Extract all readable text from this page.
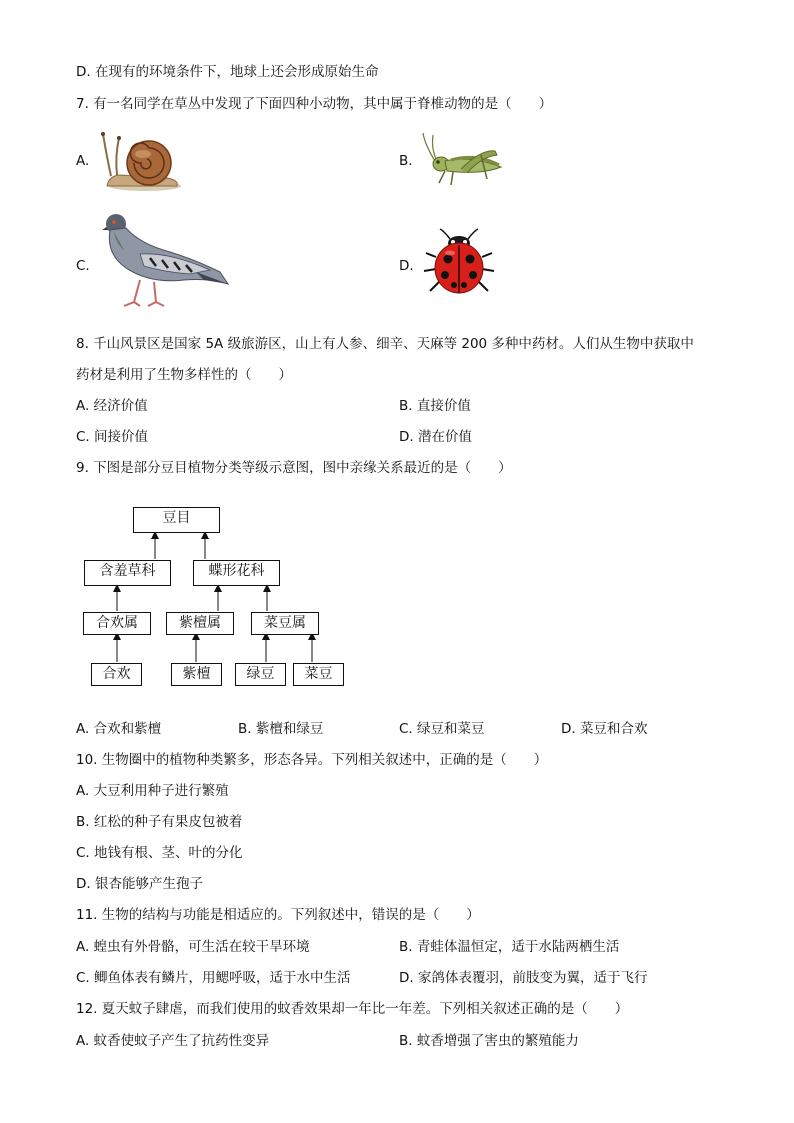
D. 在现有的环境条件下，地球上还会形成原始生命
7. 有一名同学在草丛中发现了下面四种小动物，其中属于脊椎动物的是（　　）
A.	B.
C.	D.
8. 千山风景区是国家 5A 级旅游区，山上有人参、细辛、天麻等 200 多种中药材。人们从生物中获取中
药材是利用了生物多样性的（　　）
A. 经济价值	B. 直接价值
C. 间接价值	D. 潜在价值
9. 下图是部分豆目植物分类等级示意图，图中亲缘关系最近的是（　　）
豆目
含羞草科	蝶形花科
合欢属	紫檀属	菜豆属
合欢	紫檀	绿豆	菜豆
A. 合欢和紫檀	B. 紫檀和绿豆	C. 绿豆和菜豆	D. 菜豆和合欢
10. 生物圈中的植物种类繁多，形态各异。下列相关叙述中，正确的是（　　）
A. 大豆利用种子进行繁殖
B. 红松的种子有果皮包被着
C. 地钱有根、茎、叶的分化
D. 银杏能够产生孢子
11. 生物的结构与功能是相适应的。下列叙述中，错误的是（　　）
A. 蝗虫有外骨骼，可生活在较干旱环境	B. 青蛙体温恒定，适于水陆两栖生活
C. 鲫鱼体表有鳞片，用鳃呼吸，适于水中生活	D. 家鸽体表覆羽，前肢变为翼，适于飞行
12. 夏天蚊子肆虐，而我们使用的蚊香效果却一年比一年差。下列相关叙述正确的是（　　）
A. 蚊香使蚊子产生了抗药性变异	B. 蚊香增强了害虫的繁殖能力
